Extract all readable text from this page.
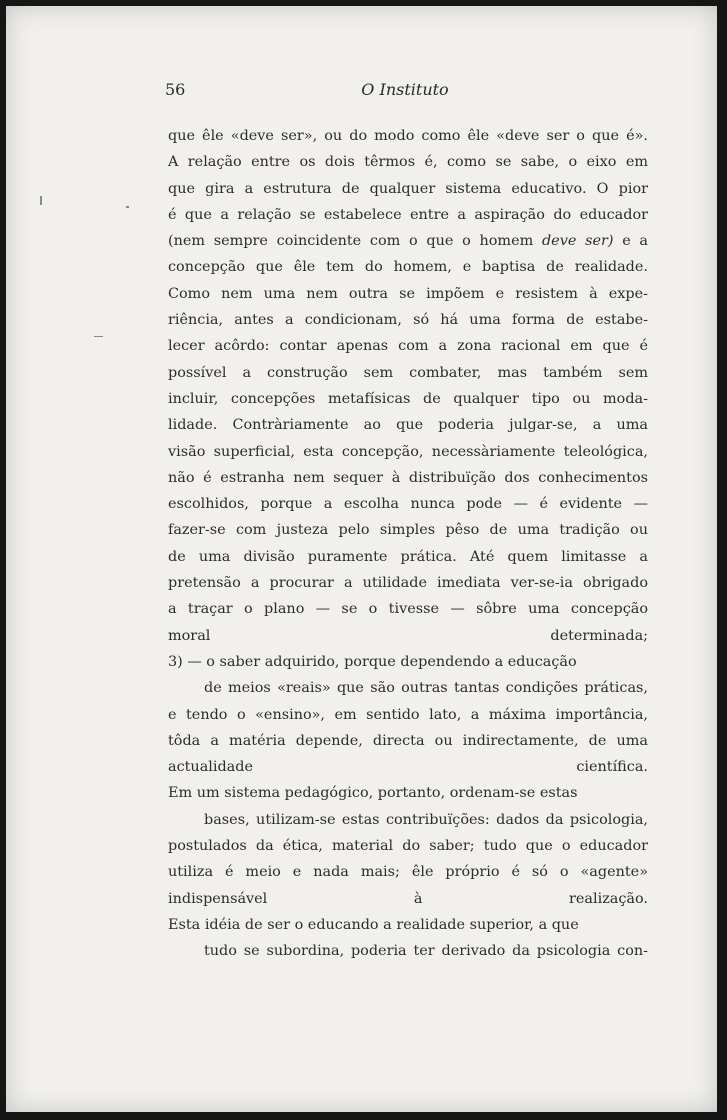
56	O Instituto
que êle «deve ser», ou do modo como êle «deve ser o que é».
A relação entre os dois têrmos é, como se sabe, o eixo em
que gira a estrutura de qualquer sistema educativo. O pior
é que a relação se estabelece entre a aspiração do educador
(nem sempre coincidente com o que o homem deve ser) e a
concepção que êle tem do homem, e baptisa de realidade.
Como nem uma nem outra se impõem e resistem à expe-
riência, antes a condicionam, só há uma forma de estabe-
lecer acôrdo: contar apenas com a zona racional em que é
possível a construção sem combater, mas também sem
incluir, concepções metafísicas de qualquer tipo ou moda-
lidade. Contràriamente ao que poderia julgar-se, a uma
visão superficial, esta concepção, necessàriamente teleológica,
não é estranha nem sequer à distribuïção dos conhecimentos
escolhidos, porque a escolha nunca pode — é evidente —
fazer-se com justeza pelo simples pêso de uma tradição ou
de uma divisão puramente prática. Até quem limitasse a
pretensão a procurar a utilidade imediata ver-se-ia obrigado
a traçar o plano — se o tivesse — sôbre uma concepção
moral determinada;
3) — o saber adquirido, porque dependendo a educação
de meios «reais» que são outras tantas condições práticas,
e tendo o «ensino», em sentido lato, a máxima importância,
tôda a matéria depende, directa ou indirectamente, de uma
actualidade científica.
Em um sistema pedagógico, portanto, ordenam-se estas
bases, utilizam-se estas contribuïções: dados da psicologia,
postulados da ética, material do saber; tudo que o educador
utiliza é meio e nada mais; êle próprio é só o «agente»
indispensável à realização.
Esta idéia de ser o educando a realidade superior, a que
tudo se subordina, poderia ter derivado da psicologia con-
